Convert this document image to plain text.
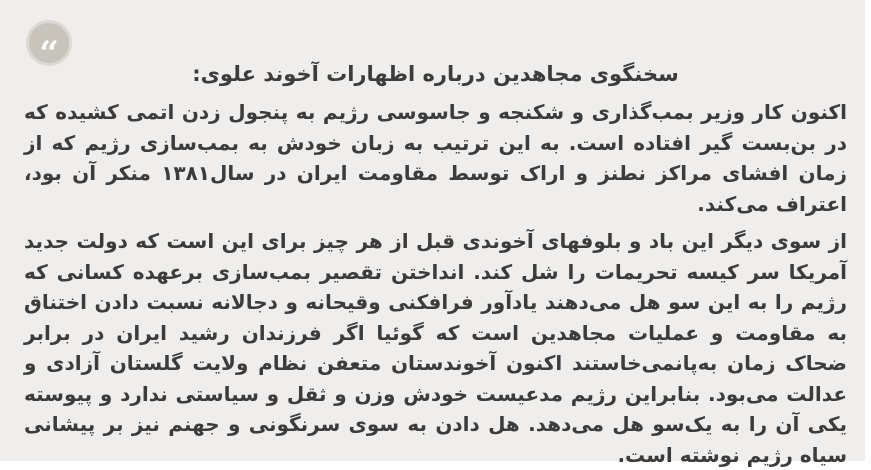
“	سخنگوی مجاهدین درباره اظهارات آخوند علوی:

اکنون کار وزیر بمب‌گذاری و شکنجه و جاسوسی رژیم به پنجول زدن اتمی کشیده که در بن‌بست گیر افتاده است. به این ترتیب به زبان خودش به بمب‌سازی رژیم که از زمان افشای مراکز نطنز و اراک توسط مقاومت ایران در سال۱۳۸۱ منکر آن بود، اعتراف می‌کند.

از سوی دیگر این باد و بلوفهای آخوندی قبل از هر چیز برای این است که دولت جدید آمریکا سر کیسه تحریمات را شل کند. انداختن تقصیر بمب‌سازی برعهده کسانی که رژیم را به این سو هل می‌دهند یادآور فرافکنی وقیحانه و دجالانه نسبت دادن اختناق به مقاومت و عملیات مجاهدین است که گوئیا اگر فرزندان رشید ایران در برابر ضحاک زمان به‌پانمی‌خاستند اکنون آخوندستان متعفن نظام ولایت گلستان آزادی و عدالت می‌بود. بنابراین رژیم مدعیست خودش وزن و ثقل و سیاستی ندارد و پیوسته یکی آن را به یک‌سو هل می‌دهد. هل دادن به سوی سرنگونی و جهنم نیز بر پیشانی سیاه رژیم نوشته است.
